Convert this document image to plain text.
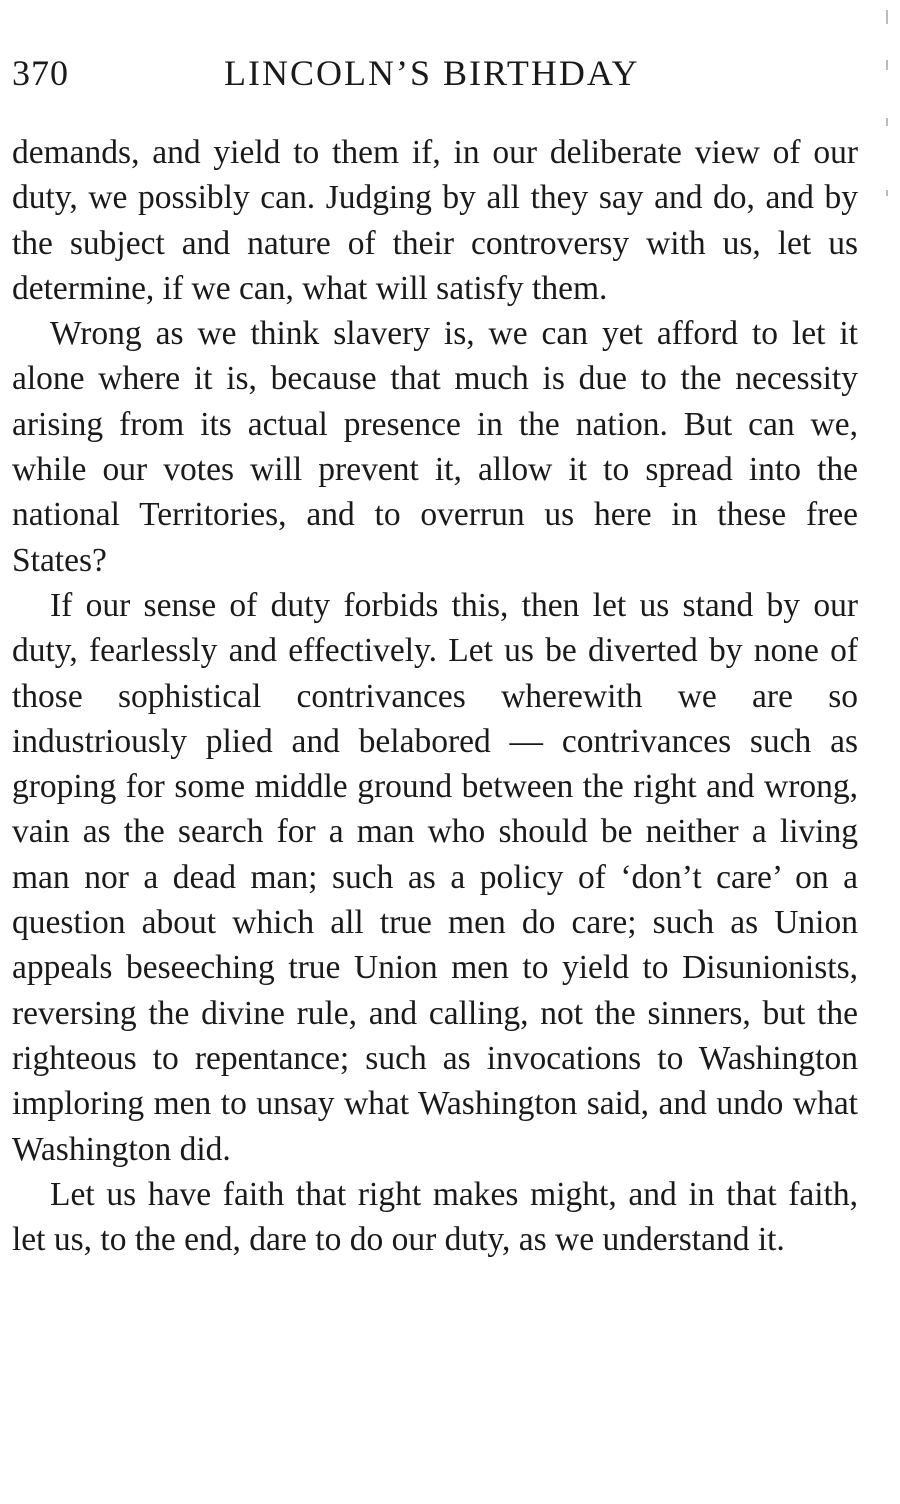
370	LINCOLN’S BIRTHDAY

demands, and yield to them if, in our deliberate view of our duty, we possibly can. Judging by all they say and do, and by the subject and nature of their controversy with us, let us determine, if we can, what will satisfy them.

Wrong as we think slavery is, we can yet afford to let it alone where it is, because that much is due to the necessity arising from its actual presence in the nation. But can we, while our votes will prevent it, allow it to spread into the national Territories, and to overrun us here in these free States?

If our sense of duty forbids this, then let us stand by our duty, fearlessly and effectively. Let us be diverted by none of those sophistical contrivances wherewith we are so industriously plied and belabored — contrivances such as groping for some middle ground between the right and wrong, vain as the search for a man who should be neither a living man nor a dead man; such as a policy of ‘don’t care’ on a question about which all true men do care; such as Union appeals beseeching true Union men to yield to Disunionists, reversing the divine rule, and calling, not the sinners, but the righteous to repentance; such as invocations to Washington imploring men to unsay what Washington said, and undo what Washington did.

Let us have faith that right makes might, and in that faith, let us, to the end, dare to do our duty, as we understand it.
